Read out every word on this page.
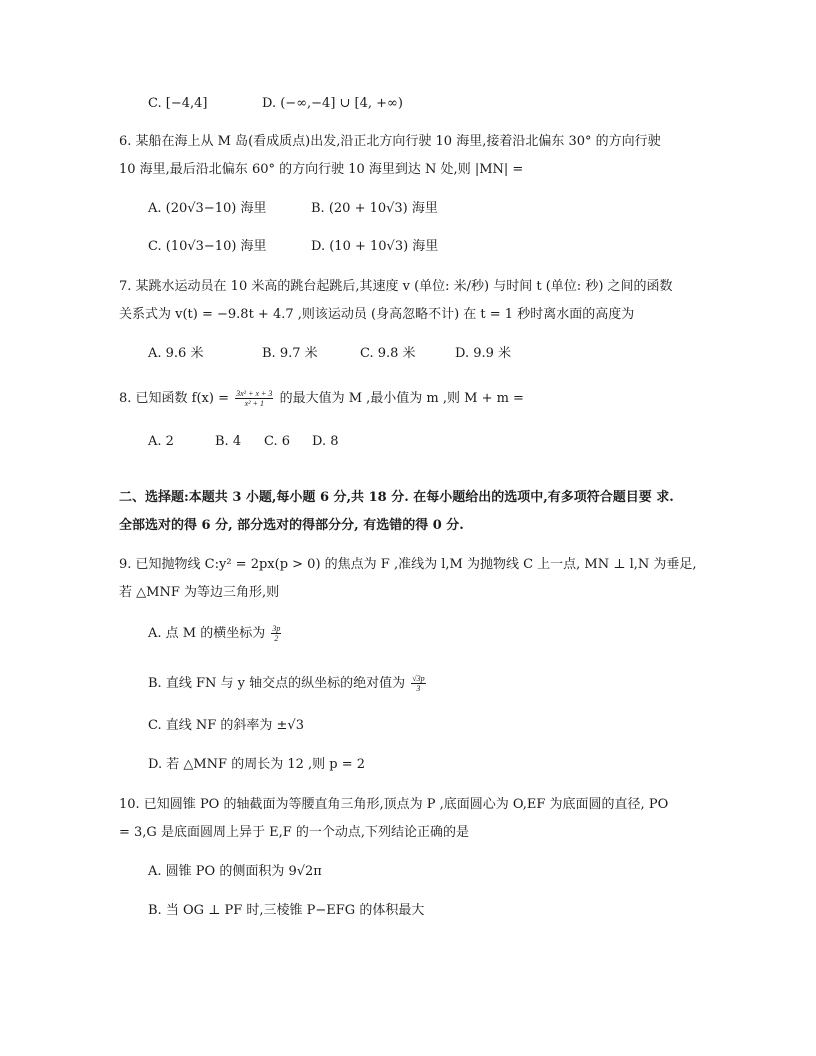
C. [−4,4]	D. (−∞,−4] ∪ [4, +∞)
6. 某船在海上从 M 岛(看成质点)出发,沿正北方向行驶 10 海里,接着沿北偏东 30° 的方向行驶
10 海里,最后沿北偏东 60° 的方向行驶 10 海里到达 N 处,则 |MN| =
A. (20√3−10) 海里	B. (20 + 10√3) 海里
C. (10√3−10) 海里	D. (10 + 10√3) 海里
7. 某跳水运动员在 10 米高的跳台起跳后,其速度 v (单位: 米/秒) 与时间 t (单位: 秒) 之间的函数
关系式为 v(t) = −9.8t + 4.7 ,则该运动员 (身高忽略不计) 在 t = 1 秒时离水面的高度为
A. 9.6 米	B. 9.7 米	C. 9.8 米	D. 9.9 米
8. 已知函数 $f(x) = \frac{\text{3x² + x + 3}}{\text{x² + 1}}$ 的最大值为 M ,最小值为 m ,则 M + m =
A. 2	B. 4 C. 6 D. 8
二、选择题:本题共 3 小题,每小题 6 分,共 18 分. 在每小题给出的选项中,有多项符合题目要 求.
全部选对的得 6 分, 部分选对的得部分分, 有选错的得 0 分.
9. 已知抛物线 C:y² = 2px(p > 0) 的焦点为 F ,准线为 l,M 为抛物线 C 上一点, MN ⊥ l,N 为垂足,
若 △MNF 为等边三角形,则
A. 点 M 的横坐标为 $\frac{3p}{2}$
B. 直线 FN 与 y 轴交点的纵坐标的绝对值为 $\frac{√3p}{3}$
C. 直线 NF 的斜率为 ±√3
D. 若 △MNF 的周长为 12 ,则 p = 2
10. 已知圆锥 PO 的轴截面为等腰直角三角形,顶点为 P ,底面圆心为 O,EF 为底面圆的直径, PO
= 3,G 是底面圆周上异于 E,F 的一个动点,下列结论正确的是
A. 圆锥 PO 的侧面积为 9√2π
B. 当 OG ⊥ PF 时,三棱锥 P−EFG 的体积最大
